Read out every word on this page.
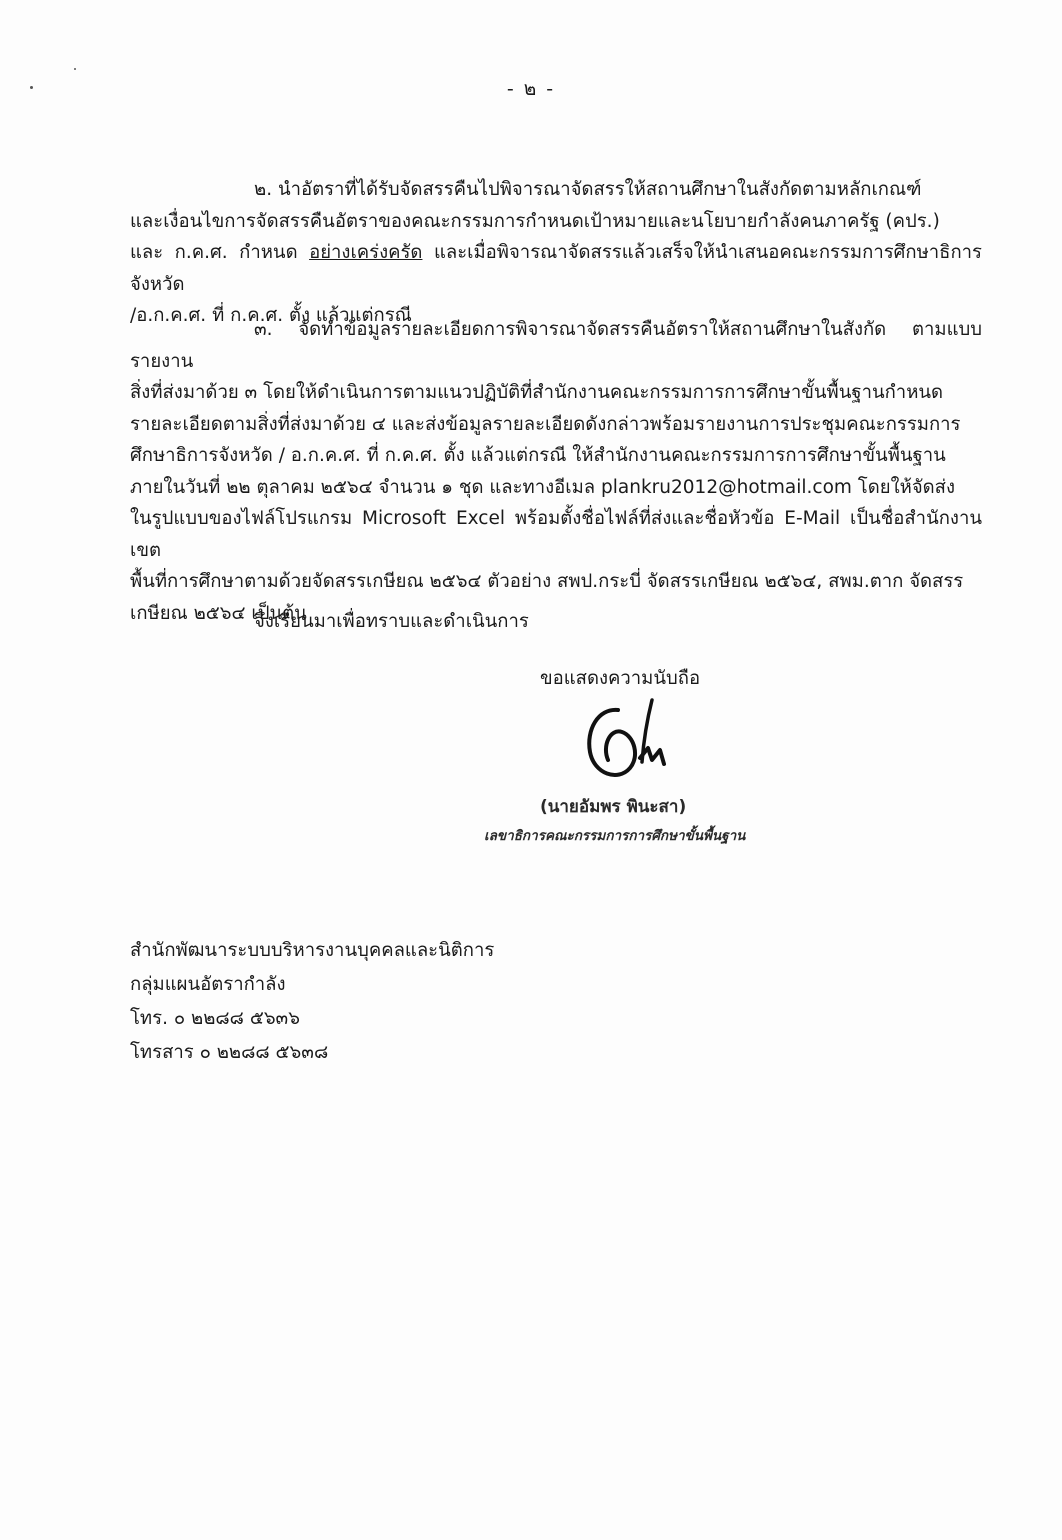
- ๒ -

๒. นำอัตราที่ได้รับจัดสรรคืนไปพิจารณาจัดสรรให้สถานศึกษาในสังกัดตามหลักเกณฑ์
และเงื่อนไขการจัดสรรคืนอัตราของคณะกรรมการกำหนดเป้าหมายและนโยบายกำลังคนภาครัฐ (คปร.)
และ ก.ค.ศ. กำหนด อย่างเคร่งครัด และเมื่อพิจารณาจัดสรรแล้วเสร็จให้นำเสนอคณะกรรมการศึกษาธิการจังหวัด
/อ.ก.ค.ศ. ที่ ก.ค.ศ. ตั้ง แล้วแต่กรณี

๓. จัดทำข้อมูลรายละเอียดการพิจารณาจัดสรรคืนอัตราให้สถานศึกษาในสังกัด ตามแบบรายงาน
สิ่งที่ส่งมาด้วย ๓ โดยให้ดำเนินการตามแนวปฏิบัติที่สำนักงานคณะกรรมการการศึกษาขั้นพื้นฐานกำหนด
รายละเอียดตามสิ่งที่ส่งมาด้วย ๔ และส่งข้อมูลรายละเอียดดังกล่าวพร้อมรายงานการประชุมคณะกรรมการ
ศึกษาธิการจังหวัด / อ.ก.ค.ศ. ที่ ก.ค.ศ. ตั้ง แล้วแต่กรณี ให้สำนักงานคณะกรรมการการศึกษาขั้นพื้นฐาน
ภายในวันที่ ๒๒ ตุลาคม ๒๕๖๔ จำนวน ๑ ชุด และทางอีเมล plankru2012@hotmail.com โดยให้จัดส่ง
ในรูปแบบของไฟล์โปรแกรม Microsoft Excel พร้อมตั้งชื่อไฟล์ที่ส่งและชื่อหัวข้อ E-Mail เป็นชื่อสำนักงานเขต
พื้นที่การศึกษาตามด้วยจัดสรรเกษียณ ๒๕๖๔ ตัวอย่าง สพป.กระบี่ จัดสรรเกษียณ ๒๕๖๔, สพม.ตาก จัดสรร
เกษียณ ๒๕๖๔ เป็นต้น

จึงเรียนมาเพื่อทราบและดำเนินการ
ขอแสดงความนับถือ
(นายอัมพร พินะสา)
เลขาธิการคณะกรรมการการศึกษาขั้นพื้นฐาน
สำนักพัฒนาระบบบริหารงานบุคคลและนิติการ
กลุ่มแผนอัตรากำลัง
โทร. ๐ ๒๒๘๘ ๕๖๓๖
โทรสาร ๐ ๒๒๘๘ ๕๖๓๘
